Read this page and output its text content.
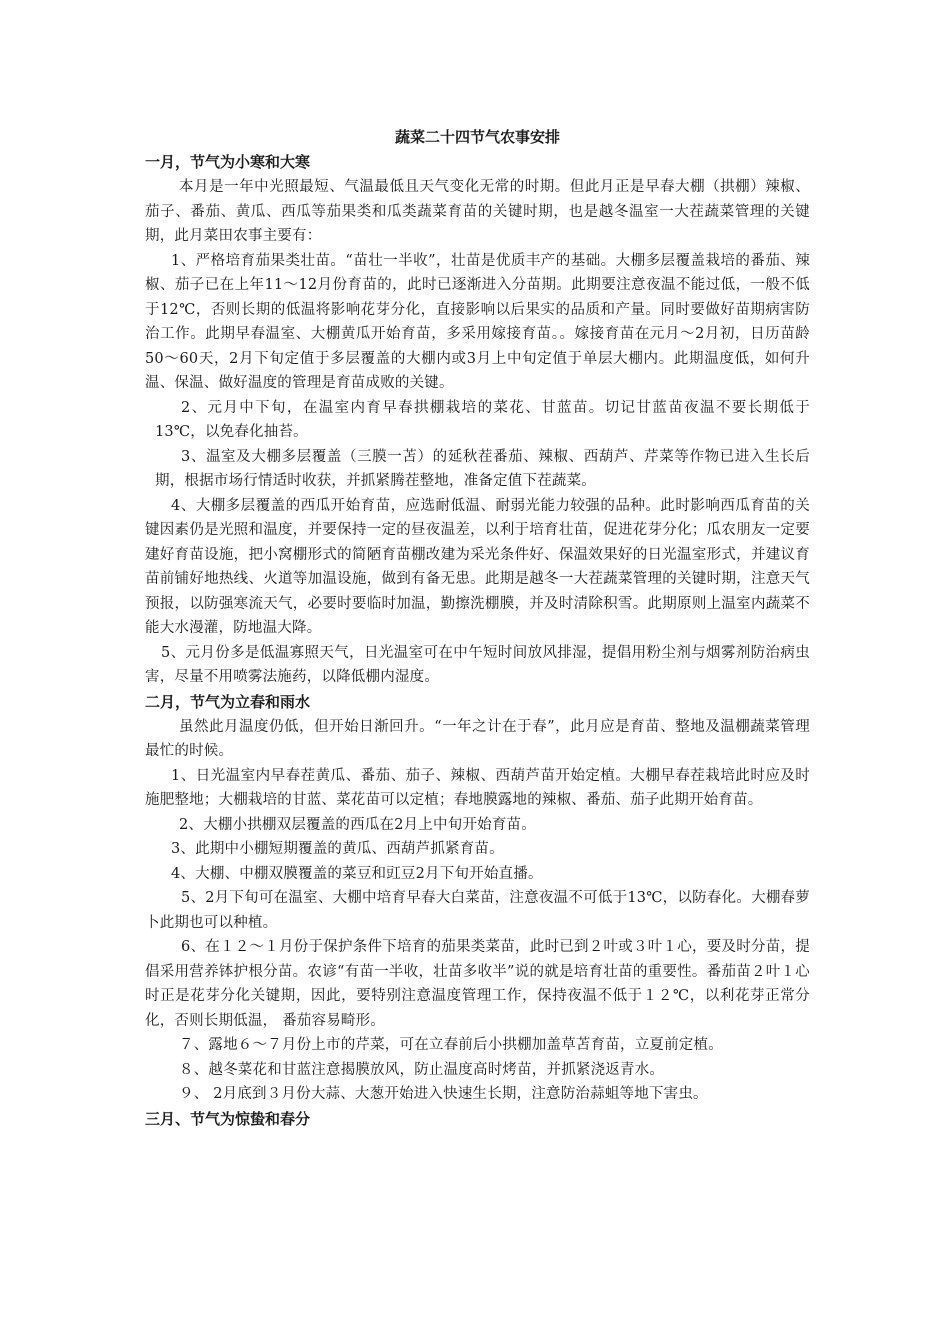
蔬菜二十四节气农事安排

一月，节气为小寒和大寒

本月是一年中光照最短、气温最低且天气变化无常的时期。但此月正是早春大棚（拱棚）辣椒、茄子、番茄、黄瓜、西瓜等茄果类和瓜类蔬菜育苗的关键时期，也是越冬温室一大茬蔬菜管理的关键期，此月菜田农事主要有：

1、严格培育茄果类壮苗。“苗壮一半收”，壮苗是优质丰产的基础。大棚多层覆盖栽培的番茄、辣椒、茄子已在上年11～12月份育苗的，此时已逐渐进入分苗期。此期要注意夜温不能过低，一般不低于12℃，否则长期的低温将影响花芽分化，直接影响以后果实的品质和产量。同时要做好苗期病害防治工作。此期早春温室、大棚黄瓜开始育苗，多采用嫁接育苗。。嫁接育苗在元月～2月初，日历苗龄50～60天，2月下旬定值于多层覆盖的大棚内或3月上中旬定值于单层大棚内。此期温度低，如何升温、保温、做好温度的管理是育苗成败的关键。

2、元月中下旬，在温室内育早春拱棚栽培的菜花、甘蓝苗。切记甘蓝苗夜温不要长期低于13℃，以免春化抽苔。

3、温室及大棚多层覆盖（三膜一苫）的延秋茬番茄、辣椒、西葫芦、芹菜等作物已进入生长后期，根据市场行情适时收获，并抓紧腾茬整地，准备定值下茬蔬菜。

4、大棚多层覆盖的西瓜开始育苗，应选耐低温、耐弱光能力较强的品种。此时影响西瓜育苗的关键因素仍是光照和温度，并要保持一定的昼夜温差，以利于培育壮苗，促进花芽分化；瓜农朋友一定要建好育苗设施，把小窝棚形式的简陋育苗棚改建为采光条件好、保温效果好的日光温室形式，并建议育苗前铺好地热线、火道等加温设施，做到有备无患。此期是越冬一大茬蔬菜管理的关键时期，注意天气预报，以防强寒流天气，必要时要临时加温，勤擦洗棚膜，并及时清除积雪。此期原则上温室内蔬菜不能大水漫灌，防地温大降。

5、元月份多是低温寡照天气，日光温室可在中午短时间放风排湿，提倡用粉尘剂与烟雾剂防治病虫害，尽量不用喷雾法施药，以降低棚内湿度。

二月，节气为立春和雨水

虽然此月温度仍低，但开始日渐回升。“一年之计在于春”，此月应是育苗、整地及温棚蔬菜管理最忙的时候。

1、日光温室内早春茬黄瓜、番茄、茄子、辣椒、西葫芦苗开始定植。大棚早春茬栽培此时应及时施肥整地；大棚栽培的甘蓝、菜花苗可以定植；春地膜露地的辣椒、番茄、茄子此期开始育苗。

2、大棚小拱棚双层覆盖的西瓜在2月上中旬开始育苗。

3、此期中小棚短期覆盖的黄瓜、西葫芦抓紧育苗。

4、大棚、中棚双膜覆盖的菜豆和豇豆2月下旬开始直播。

5、2月下旬可在温室、大棚中培育早春大白菜苗，注意夜温不可低于13℃，以防春化。大棚春萝卜此期也可以种植。

6、在１２～１月份于保护条件下培育的茄果类菜苗，此时已到２叶或３叶１心，要及时分苗，提倡采用营养钵护根分苗。农谚“有苗一半收，壮苗多收半”说的就是培育壮苗的重要性。番茄苗２叶１心时正是花芽分化关键期，因此，要特别注意温度管理工作，保持夜温不低于１２℃，以利花芽正常分化，否则长期低温， 番茄容易畸形。

７、露地６～７月份上市的芹菜，可在立春前后小拱棚加盖草苫育苗，立夏前定植。

８、越冬菜花和甘蓝注意揭膜放风，防止温度高时烤苗，并抓紧浇返青水。

９、 2月底到３月份大蒜、大葱开始进入快速生长期，注意防治蒜蛆等地下害虫。

三月、节气为惊蛰和春分
